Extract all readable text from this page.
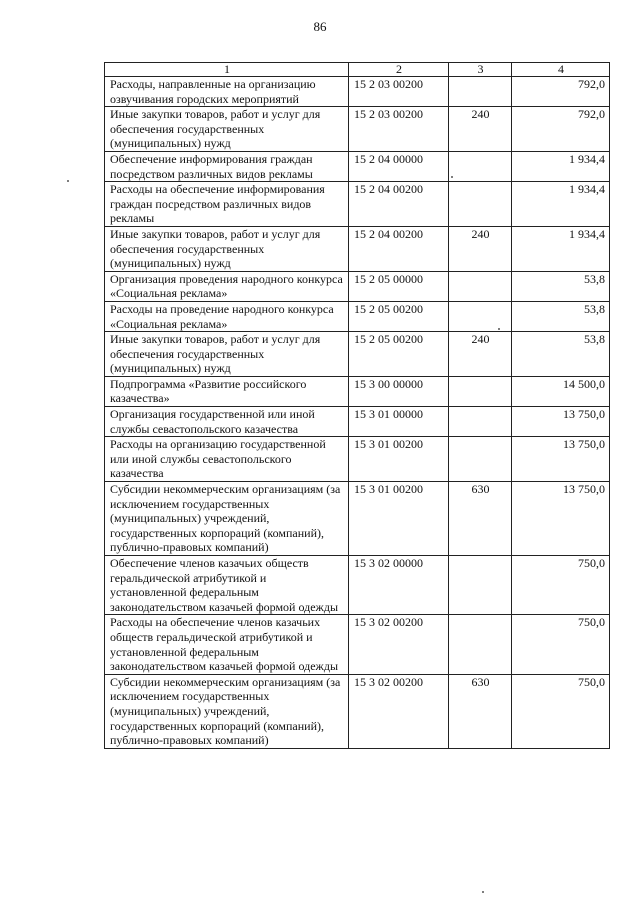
86
1	2	3	4
Расходы, направленные на организацию озвучивания городских мероприятий	15 2 03 00200		792,0
Иные закупки товаров, работ и услуг для обеспечения государственных (муниципальных) нужд	15 2 03 00200	240	792,0
Обеспечение информирования граждан посредством различных видов рекламы	15 2 04 00000		1 934,4
Расходы на обеспечение информирования граждан посредством различных видов рекламы	15 2 04 00200		1 934,4
Иные закупки товаров, работ и услуг для обеспечения государственных (муниципальных) нужд	15 2 04 00200	240	1 934,4
Организация проведения народного конкурса «Социальная реклама»	15 2 05 00000		53,8
Расходы на проведение народного конкурса «Социальная реклама»	15 2 05 00200		53,8
Иные закупки товаров, работ и услуг для обеспечения государственных (муниципальных) нужд	15 2 05 00200	240	53,8
Подпрограмма «Развитие российского казачества»	15 3 00 00000		14 500,0
Организация государственной или иной службы севастопольского казачества	15 3 01 00000		13 750,0
Расходы на организацию государственной или иной службы севастопольского казачества	15 3 01 00200		13 750,0
Субсидии некоммерческим организациям (за исключением государственных (муниципальных) учреждений, государственных корпораций (компаний), публично-правовых компаний)	15 3 01 00200	630	13 750,0
Обеспечение членов казачьих обществ геральдической атрибутикой и установленной федеральным законодательством казачьей формой одежды	15 3 02 00000		750,0
Расходы на обеспечение членов казачьих обществ геральдической атрибутикой и установленной федеральным законодательством казачьей формой одежды	15 3 02 00200		750,0
Субсидии некоммерческим организациям (за исключением государственных (муниципальных) учреждений, государственных корпораций (компаний), публично-правовых компаний)	15 3 02 00200	630	750,0
